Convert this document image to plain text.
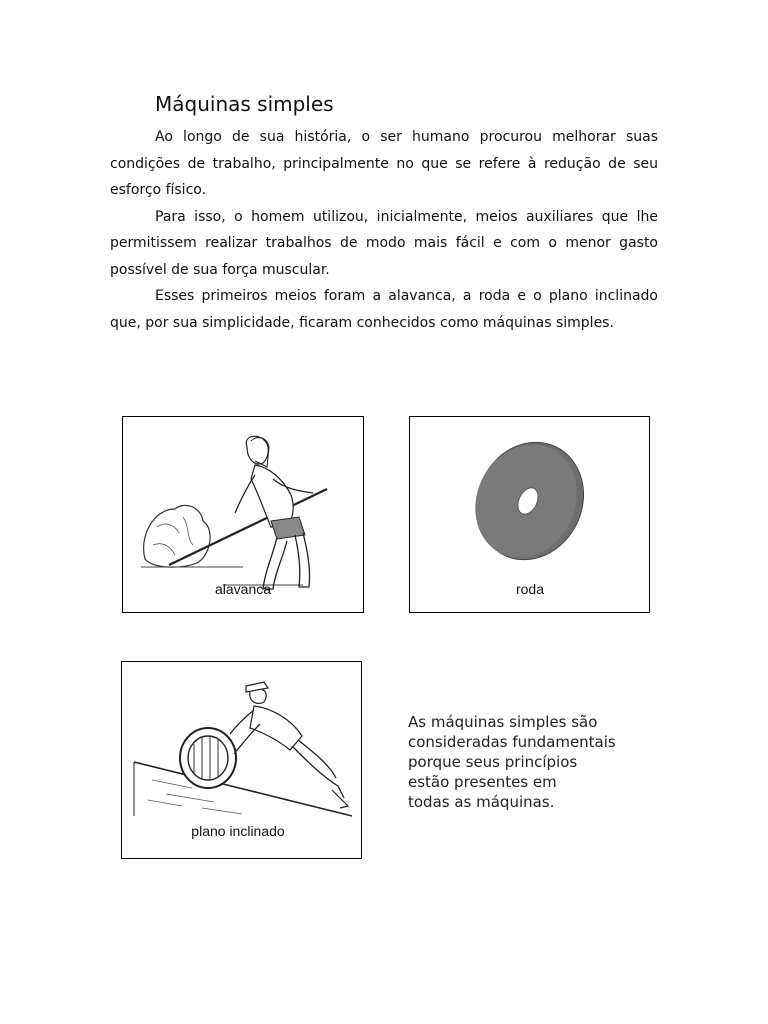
Máquinas simples

Ao longo de sua história, o ser humano procurou melhorar suas condições de trabalho, principalmente no que se refere à redução de seu esforço físico.

Para isso, o homem utilizou, inicialmente, meios auxiliares que lhe permitissem realizar trabalhos de modo mais fácil e com o menor gasto possível de sua força muscular.

Esses primeiros meios foram a alavanca, a roda e o plano inclinado que, por sua simplicidade, ficaram conhecidos como máquinas simples.

alavanca	roda
plano inclinado
As máquinas simples são
consideradas fundamentais
porque seus princípios
estão presentes em
todas as máquinas.
